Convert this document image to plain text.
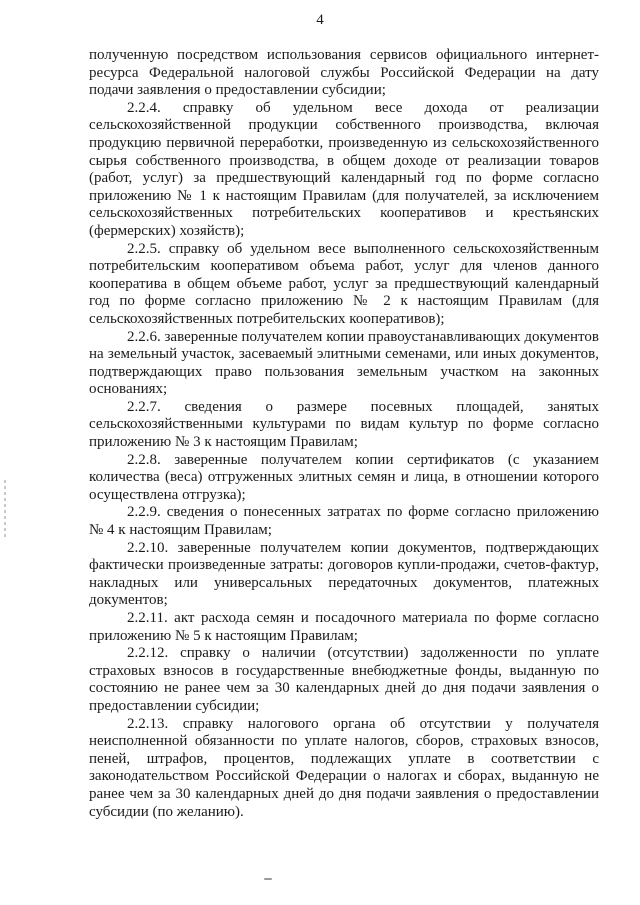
4

полученную посредством использования сервисов официального интернет-ресурса Федеральной налоговой службы Российской Федерации на дату подачи заявления о предоставлении субсидии;

2.2.4. справку об удельном весе дохода от реализации сельскохозяйственной продукции собственного производства, включая продукцию первичной переработки, произведенную из сельскохозяйственного сырья собственного производства, в общем доходе от реализации товаров (работ, услуг) за предшествующий календарный год по форме согласно приложению № 1 к настоящим Правилам (для получателей, за исключением сельскохозяйственных потребительских кооперативов и крестьянских (фермерских) хозяйств);

2.2.5. справку об удельном весе выполненного сельскохозяйственным потребительским кооперативом объема работ, услуг для членов данного кооператива в общем объеме работ, услуг за предшествующий календарный год по форме согласно приложению № 2 к настоящим Правилам (для сельскохозяйственных потребительских кооперативов);

2.2.6. заверенные получателем копии правоустанавливающих документов на земельный участок, засеваемый элитными семенами, или иных документов, подтверждающих право пользования земельным участком на законных основаниях;

2.2.7. сведения о размере посевных площадей, занятых сельскохозяйственными культурами по видам культур по форме согласно приложению № 3 к настоящим Правилам;

2.2.8. заверенные получателем копии сертификатов (с указанием количества (веса) отгруженных элитных семян и лица, в отношении которого осуществлена отгрузка);

2.2.9. сведения о понесенных затратах по форме согласно приложению № 4 к настоящим Правилам;

2.2.10. заверенные получателем копии документов, подтверждающих фактически произведенные затраты: договоров купли-продажи, счетов-фактур, накладных или универсальных передаточных документов, платежных документов;

2.2.11. акт расхода семян и посадочного материала по форме согласно приложению № 5 к настоящим Правилам;

2.2.12. справку о наличии (отсутствии) задолженности по уплате страховых взносов в государственные внебюджетные фонды, выданную по состоянию не ранее чем за 30 календарных дней до дня подачи заявления о предоставлении субсидии;

2.2.13. справку налогового органа об отсутствии у получателя неисполненной обязанности по уплате налогов, сборов, страховых взносов, пеней, штрафов, процентов, подлежащих уплате в соответствии с законодательством Российской Федерации о налогах и сборах, выданную не ранее чем за 30 календарных дней до дня подачи заявления о предоставлении субсидии (по желанию).
